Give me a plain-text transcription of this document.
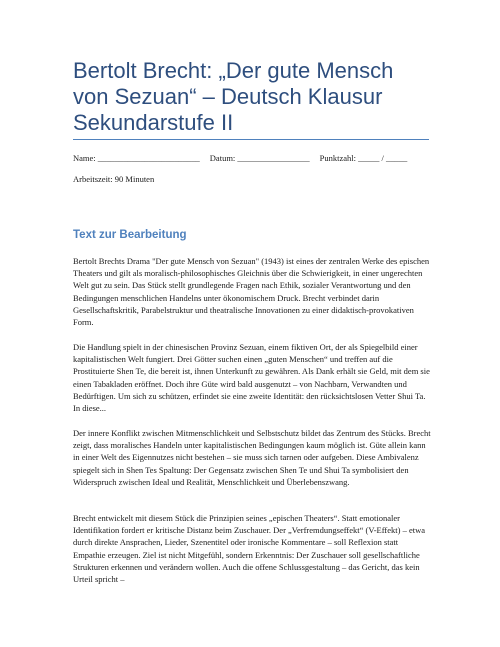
Bertolt Brecht: „Der gute Mensch von Sezuan“ – Deutsch Klausur Sekundarstufe II
Name: ________________________ Datum: _________________ Punktzahl: _____ / _____
Arbeitszeit: 90 Minuten
Text zur Bearbeitung

Bertolt Brechts Drama "Der gute Mensch von Sezuan" (1943) ist eines der zentralen Werke des epischen Theaters und gilt als moralisch-philosophisches Gleichnis über die Schwierigkeit, in einer ungerechten Welt gut zu sein. Das Stück stellt grundlegende Fragen nach Ethik, sozialer Verantwortung und den Bedingungen menschlichen Handelns unter ökonomischem Druck. Brecht verbindet darin Gesellschaftskritik, Parabelstruktur und theatralische Innovationen zu einer didaktisch-provokativen Form.

Die Handlung spielt in der chinesischen Provinz Sezuan, einem fiktiven Ort, der als Spiegelbild einer kapitalistischen Welt fungiert. Drei Götter suchen einen „guten Menschen“ und treffen auf die Prostituierte Shen Te, die bereit ist, ihnen Unterkunft zu gewähren. Als Dank erhält sie Geld, mit dem sie einen Tabakladen eröffnet. Doch ihre Güte wird bald ausgenutzt – von Nachbarn, Verwandten und Bedürftigen. Um sich zu schützen, erfindet sie eine zweite Identität: den rücksichtslosen Vetter Shui Ta. In diese...

Der innere Konflikt zwischen Mitmenschlichkeit und Selbstschutz bildet das Zentrum des Stücks. Brecht zeigt, dass moralisches Handeln unter kapitalistischen Bedingungen kaum möglich ist. Güte allein kann in einer Welt des Eigennutzes nicht bestehen – sie muss sich tarnen oder aufgeben. Diese Ambivalenz spiegelt sich in Shen Tes Spaltung: Der Gegensatz zwischen Shen Te und Shui Ta symbolisiert den Widerspruch zwischen Ideal und Realität, Menschlichkeit und Überlebenszwang.

Brecht entwickelt mit diesem Stück die Prinzipien seines „epischen Theaters“. Statt emotionaler Identifikation fordert er kritische Distanz beim Zuschauer. Der „Verfremdungseffekt“ (V-Effekt) – etwa durch direkte Ansprachen, Lieder, Szenentitel oder ironische Kommentare – soll Reflexion statt Empathie erzeugen. Ziel ist nicht Mitgefühl, sondern Erkenntnis: Der Zuschauer soll gesellschaftliche Strukturen erkennen und verändern wollen. Auch die offene Schlussgestaltung – das Gericht, das kein Urteil spricht –
